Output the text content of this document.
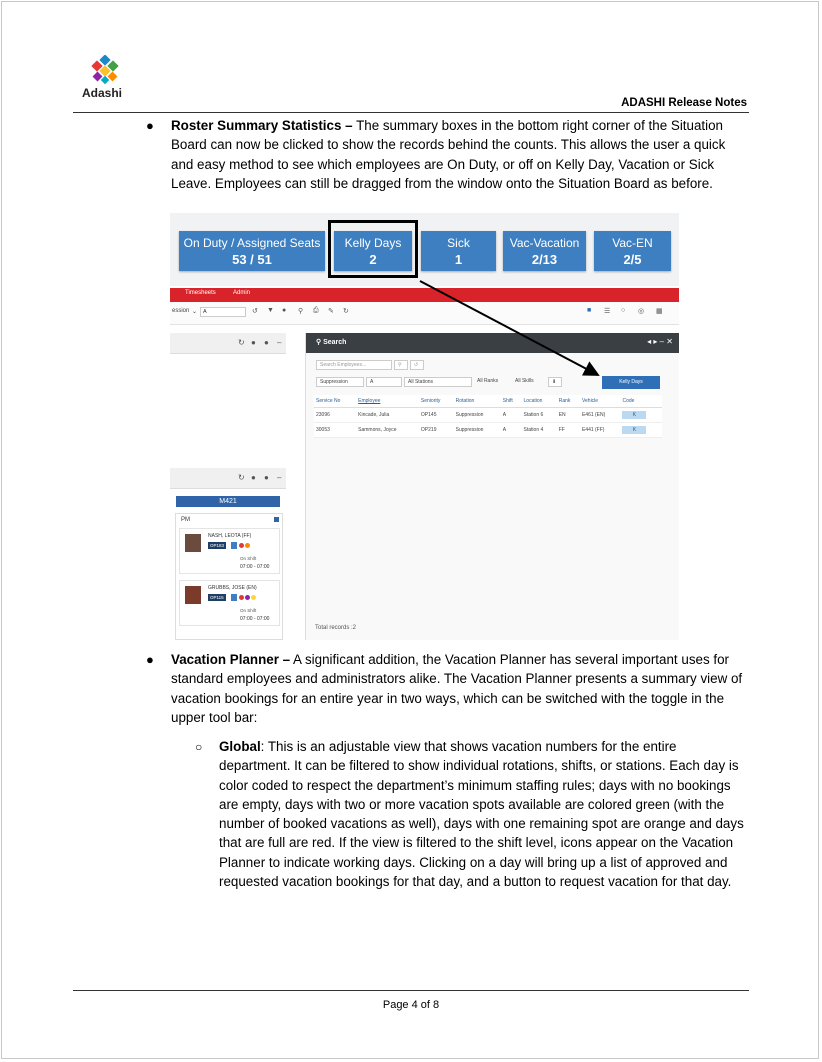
Adashi
ADASHI Release Notes
● Roster Summary Statistics – The summary boxes in the bottom right corner of the Situation Board can now be clicked to show the records behind the counts. This allows the user a quick and easy method to see which employees are On Duty, or off on Kelly Day, Vacation or Sick Leave. Employees can still be dragged from the window onto the Situation Board as before.
On Duty / Assigned Seats
53 / 51
Kelly Days
2
Sick
1
Vac-Vacation
2/13
Vac-EN
2/5
Timesheets	Admin
ession ⌄	A	↺ ▼ ● ⚲ ⎙ ✎ ↻	■ ☰ ○ ◎ ▦
↻ ● ● –
↻ ● ● –
M421
PM
NASH, LEOTA (FF)
OP183
On Shift
07:00 - 07:00
GRUBBS, JOSE (EN)
OP115
On Shift
07:00 - 07:00
⚲ Search	◂ ▸ – ✕
Search Employees...	⚲	↺
Suppression	A	All Stations	All Ranks	All Skills	⬇	Kelly Days
Service No	Employee	Seniority	Rotation	Shift	Location	Rank	Vehicle	Code
23096	Kincade, Julia	OP145	Suppression	A	Station 6	EN	E461 (EN)	K
30053	Sammons, Joyce	OP219	Suppression	A	Station 4	FF	E441 (FF)	K
Total records :2
● Vacation Planner – A significant addition, the Vacation Planner has several important uses for standard employees and administrators alike. The Vacation Planner presents a summary view of vacation bookings for an entire year in two ways, which can be switched with the toggle in the upper tool bar:
○ Global: This is an adjustable view that shows vacation numbers for the entire department. It can be filtered to show individual rotations, shifts, or stations. Each day is color coded to respect the department’s minimum staffing rules; days with no bookings are empty, days with two or more vacation spots available are colored green (with the number of booked vacations as well), days with one remaining spot are orange and days that are full are red. If the view is filtered to the shift level, icons appear on the Vacation Planner to indicate working days. Clicking on a day will bring up a list of approved and requested vacation bookings for that day, and a button to request vacation for that day.
Page 4 of 8
